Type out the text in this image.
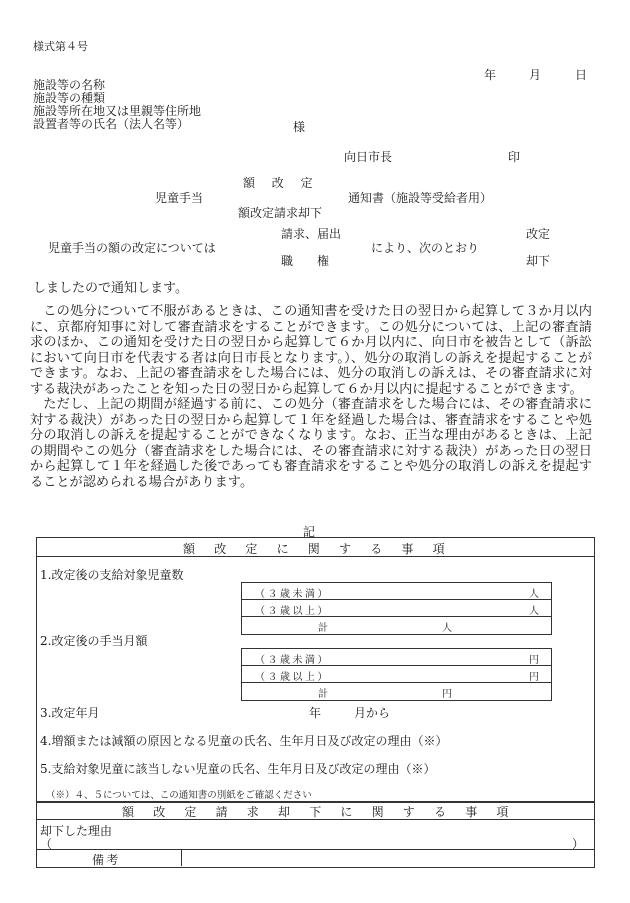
様式第４号
年	月	日
施設等の名称
施設等の種類
施設等所在地又は里親等住所地
設置者等の氏名（法人名等）	様
向日市長	印
額　改　定
児童手当	通知書（施設等受給者用）
額改定請求却下
請求、届出	改定
児童手当の額の改定については	により、次のとおり
職　　権	却下
しましたので通知します。

この処分について不服があるときは、この通知書を受けた日の翌日から起算して３か月以内に、京都府知事に対して審査請求をすることができます。この処分については、上記の審査請求のほか、この通知を受けた日の翌日から起算して６か月以内に、向日市を被告として（訴訟において向日市を代表する者は向日市長となります。）、処分の取消しの訴えを提起することができます。なお、上記の審査請求をした場合には、処分の取消しの訴えは、その審査請求に対する裁決があったことを知った日の翌日から起算して６か月以内に提起することができます。

ただし、上記の期間が経過する前に、この処分（審査請求をした場合には、その審査請求に対する裁決）があった日の翌日から起算して１年を経過した場合は、審査請求をすることや処分の取消しの訴えを提起することができなくなります。なお、正当な理由があるときは、上記の期間やこの処分（審査請求をした場合には、その審査請求に対する裁決）があった日の翌日から起算して１年を経過した後であっても審査請求をすることや処分の取消しの訴えを提起することが認められる場合があります。

記
額　改　定　に　関　す　る　事　項
1.改定後の支給対象児童数
（３歳未満）	人
（３歳以上）	人
計	人
2.改定後の手当月額
（３歳未満）	円
（３歳以上）	円
計	円
3.改定年月	年	月から
4.増額または減額の原因となる児童の氏名、生年月日及び改定の理由（※）
5.支給対象児童に該当しない児童の氏名、生年月日及び改定の理由（※）
（※）４、５については、この通知書の別紙をご確認ください
額　改　定　請　求　却　下　に　関　す　る　事　項
却下した理由
（	）
備考
